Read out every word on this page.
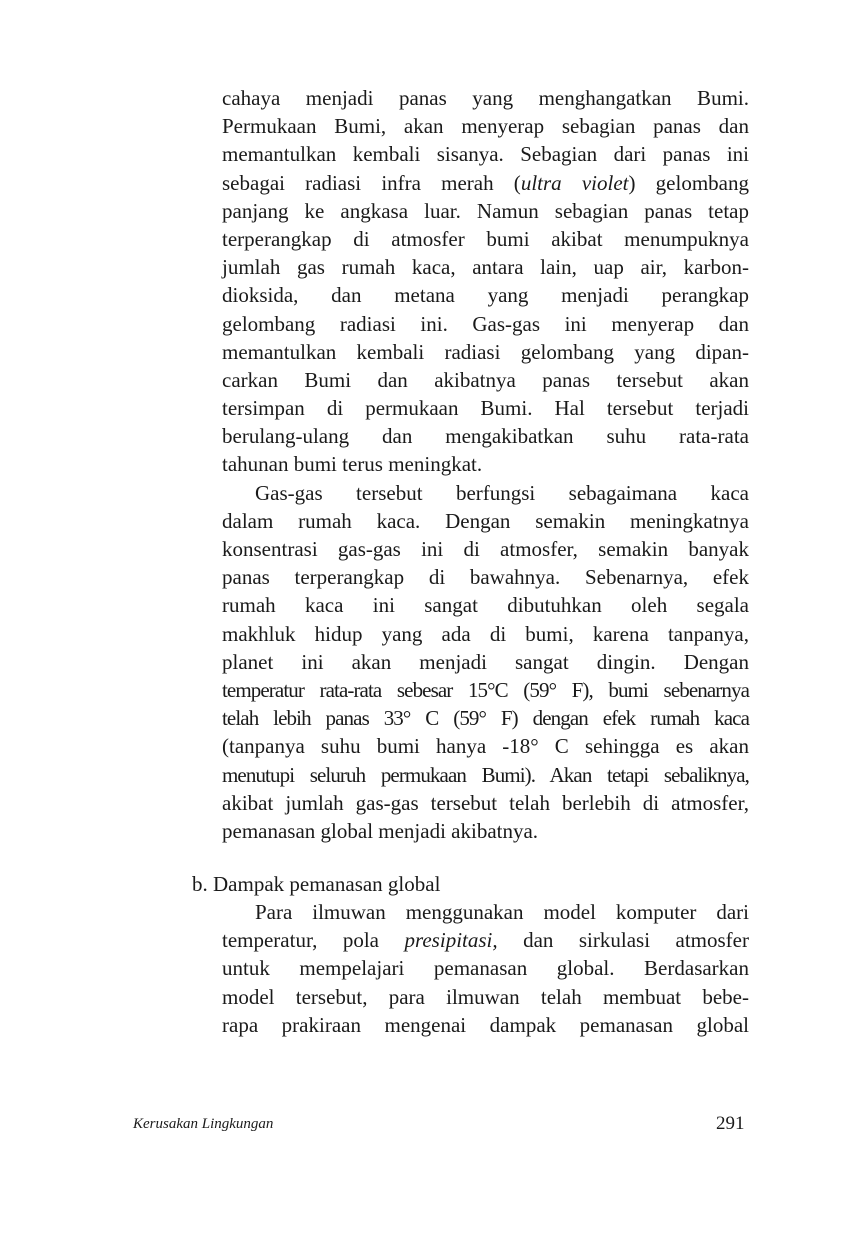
cahaya menjadi panas yang menghangatkan Bumi.
Permukaan Bumi, akan menyerap sebagian panas dan
memantulkan kembali sisanya. Sebagian dari panas ini
sebagai radiasi infra merah (ultra violet) gelombang
panjang ke angkasa luar. Namun sebagian panas tetap
terperangkap di atmosfer bumi akibat menumpuknya
jumlah gas rumah kaca, antara lain, uap air, karbon-
dioksida, dan metana yang menjadi perangkap
gelombang radiasi ini. Gas-gas ini menyerap dan
memantulkan kembali radiasi gelombang yang dipan-
carkan Bumi dan akibatnya panas tersebut akan
tersimpan di permukaan Bumi. Hal tersebut terjadi
berulang-ulang dan mengakibatkan suhu rata-rata
tahunan bumi terus meningkat.
Gas-gas tersebut berfungsi sebagaimana kaca
dalam rumah kaca. Dengan semakin meningkatnya
konsentrasi gas-gas ini di atmosfer, semakin banyak
panas terperangkap di bawahnya. Sebenarnya, efek
rumah kaca ini sangat dibutuhkan oleh segala
makhluk hidup yang ada di bumi, karena tanpanya,
planet ini akan menjadi sangat dingin. Dengan
temperatur rata-rata sebesar 15°C (59° F), bumi sebenarnya
telah lebih panas 33° C (59° F) dengan efek rumah kaca
(tanpanya suhu bumi hanya -18° C sehingga es akan
menutupi seluruh permukaan Bumi). Akan tetapi sebaliknya,
akibat jumlah gas-gas tersebut telah berlebih di atmosfer,
pemanasan global menjadi akibatnya.
b. Dampak pemanasan global
Para ilmuwan menggunakan model komputer dari
temperatur, pola presipitasi, dan sirkulasi atmosfer
untuk mempelajari pemanasan global. Berdasarkan
model tersebut, para ilmuwan telah membuat bebe-
rapa prakiraan mengenai dampak pemanasan global
Kerusakan Lingkungan	291
